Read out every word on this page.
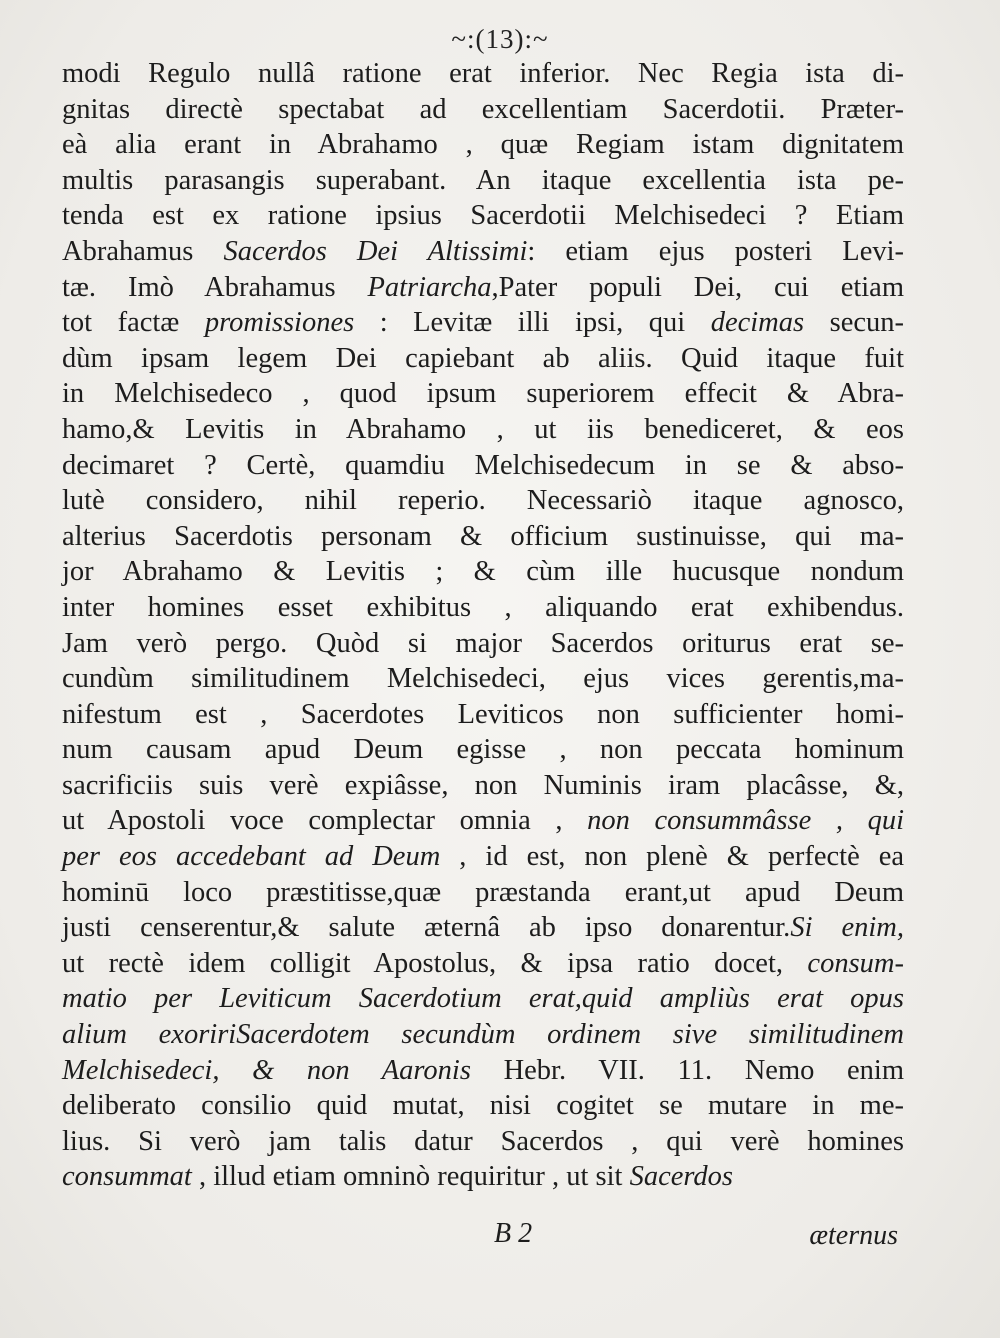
~:(13):~
modi Regulo nullâ ratione erat inferior. Nec Regia ista di-
gnitas directè spectabat ad excellentiam Sacerdotii. Præter-
eà alia erant in Abrahamo , quæ Regiam istam dignitatem
multis parasangis superabant. An itaque excellentia ista pe-
tenda est ex ratione ipsius Sacerdotii Melchisedeci ? Etiam
Abrahamus Sacerdos Dei Altissimi: etiam ejus posteri Levi-
tæ. Imò Abrahamus Patriarcha,Pater populi Dei, cui etiam
tot factæ promissiones : Levitæ illi ipsi, qui decimas secun-
dùm ipsam legem Dei capiebant ab aliis. Quid itaque fuit
in Melchisedeco , quod ipsum superiorem effecit & Abra-
hamo,& Levitis in Abrahamo , ut iis benediceret, & eos
decimaret ? Certè, quamdiu Melchisedecum in se & abso-
lutè considero, nihil reperio. Necessariò itaque agnosco,
alterius Sacerdotis personam & officium sustinuisse, qui ma-
jor Abrahamo & Levitis ; & cùm ille hucusque nondum
inter homines esset exhibitus , aliquando erat exhibendus.
Jam verò pergo. Quòd si major Sacerdos oriturus erat se-
cundùm similitudinem Melchisedeci, ejus vices gerentis,ma-
nifestum est , Sacerdotes Leviticos non sufficienter homi-
num causam apud Deum egisse , non peccata hominum
sacrificiis suis verè expiâsse, non Numinis iram placâsse, &,
ut Apostoli voce complectar omnia , non consummâsse , qui
per eos accedebant ad Deum , id est, non plenè & perfectè ea
hominū loco præstitisse,quæ præstanda erant,ut apud Deum
justi censerentur,& salute æternâ ab ipso donarentur.Si enim,
ut rectè idem colligit Apostolus, & ipsa ratio docet, consum-
matio per Leviticum Sacerdotium erat,quid ampliùs erat opus
alium exoririSacerdotem secundùm ordinem sive similitudinem
Melchisedeci, & non Aaronis Hebr. VII. 11. Nemo enim
deliberato consilio quid mutat, nisi cogitet se mutare in me-
lius. Si verò jam talis datur Sacerdos , qui verè homines
consummat , illud etiam omninò requiritur , ut sit Sacerdos
B 2	æternus
